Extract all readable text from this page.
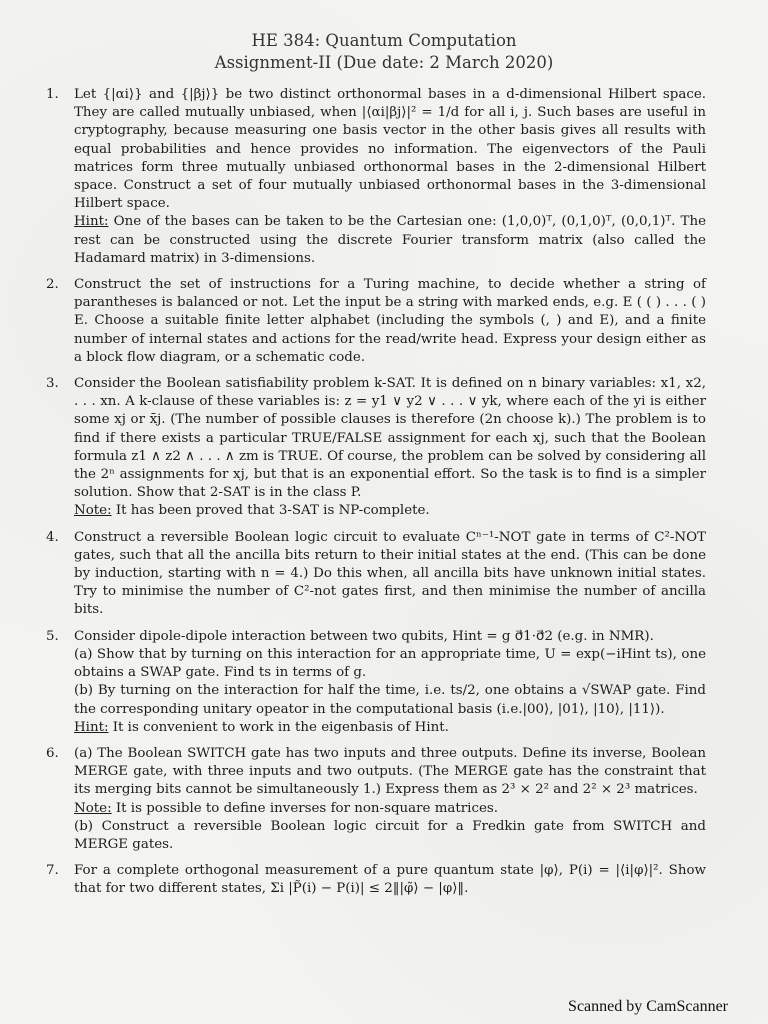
HE 384: Quantum Computation
Assignment-II (Due date: 2 March 2020)
1. Let {|αi⟩} and {|βj⟩} be two distinct orthonormal bases in a d-dimensional Hilbert space. They are called mutually unbiased, when |⟨αi|βj⟩|² = 1/d for all i, j. Such bases are useful in cryptography, because measuring one basis vector in the other basis gives all results with equal probabilities and hence provides no information. The eigenvectors of the Pauli matrices form three mutually unbiased orthonormal bases in the 2-dimensional Hilbert space. Construct a set of four mutually unbiased orthonormal bases in the 3-dimensional Hilbert space.

Hint: One of the bases can be taken to be the Cartesian one: (1,0,0)ᵀ, (0,1,0)ᵀ, (0,0,1)ᵀ. The rest can be constructed using the discrete Fourier transform matrix (also called the Hadamard matrix) in 3-dimensions.

2. Construct the set of instructions for a Turing machine, to decide whether a string of parantheses is balanced or not. Let the input be a string with marked ends, e.g. E ( ( ) . . . ( ) E. Choose a suitable finite letter alphabet (including the symbols (, ) and E), and a finite number of internal states and actions for the read/write head. Express your design either as a block flow diagram, or a schematic code.

3. Consider the Boolean satisfiability problem k-SAT. It is defined on n binary variables: x1, x2, . . . xn. A k-clause of these variables is: z = y1 ∨ y2 ∨ . . . ∨ yk, where each of the yi is either some xj or x̄j. (The number of possible clauses is therefore (2n choose k).) The problem is to find if there exists a particular TRUE/FALSE assignment for each xj, such that the Boolean formula z1 ∧ z2 ∧ . . . ∧ zm is TRUE. Of course, the problem can be solved by considering all the 2ⁿ assignments for xj, but that is an exponential effort. So the task is to find is a simpler solution. Show that 2-SAT is in the class P.

Note: It has been proved that 3-SAT is NP-complete.

4. Construct a reversible Boolean logic circuit to evaluate Cⁿ⁻¹-NOT gate in terms of C²-NOT gates, such that all the ancilla bits return to their initial states at the end. (This can be done by induction, starting with n = 4.) Do this when, all ancilla bits have unknown initial states. Try to minimise the number of C²-not gates first, and then minimise the number of ancilla bits.

5. Consider dipole-dipole interaction between two qubits, Hint = g σ⃗1·σ⃗2 (e.g. in NMR).

(a) Show that by turning on this interaction for an appropriate time, U = exp(−iHint ts), one obtains a SWAP gate. Find ts in terms of g.

(b) By turning on the interaction for half the time, i.e. ts/2, one obtains a √SWAP gate. Find the corresponding unitary opeator in the computational basis (i.e.|00⟩, |01⟩, |10⟩, |11⟩).

Hint: It is convenient to work in the eigenbasis of Hint.

6. (a) The Boolean SWITCH gate has two inputs and three outputs. Define its inverse, Boolean MERGE gate, with three inputs and two outputs. (The MERGE gate has the constraint that its merging bits cannot be simultaneously 1.) Express them as 2³ × 2² and 2² × 2³ matrices.

Note: It is possible to define inverses for non-square matrices.

(b) Construct a reversible Boolean logic circuit for a Fredkin gate from SWITCH and MERGE gates.

7. For a complete orthogonal measurement of a pure quantum state |φ⟩, P(i) = |⟨i|φ⟩|². Show that for two different states, Σi |P̃(i) − P(i)| ≤ 2‖|φ̃⟩ − |φ⟩‖.

Scanned by CamScanner
